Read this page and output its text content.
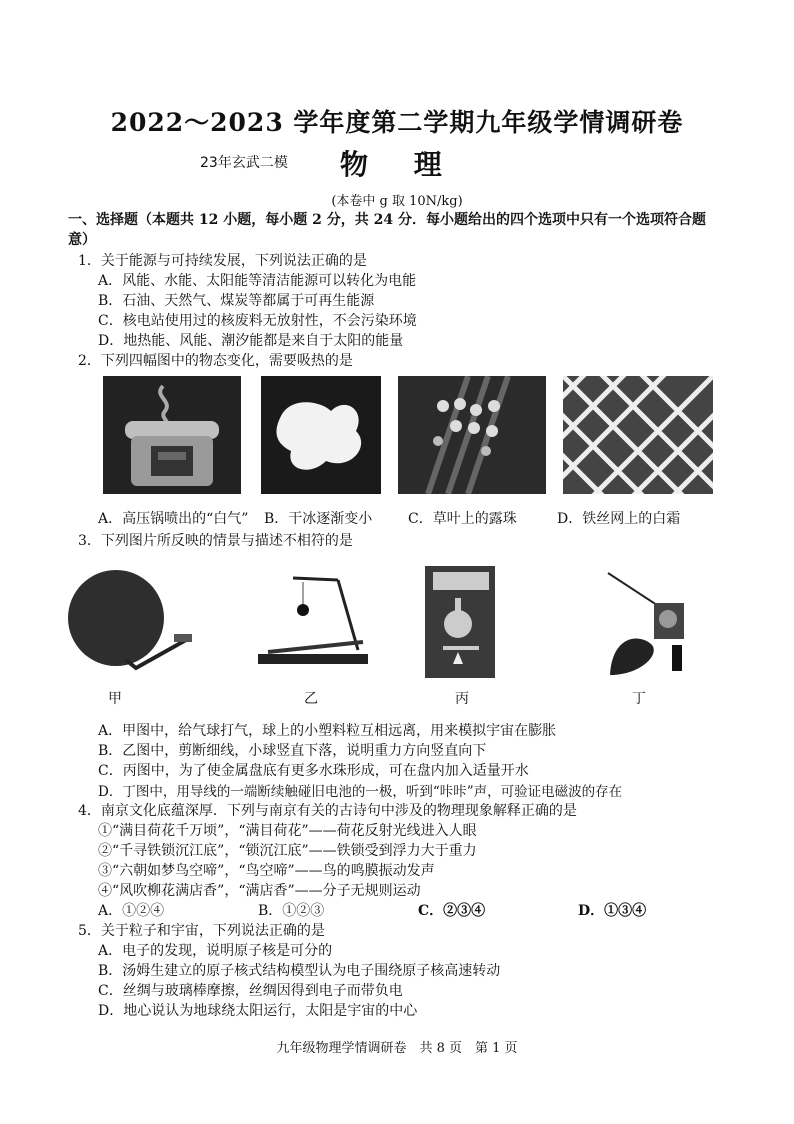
2022～2023 学年度第二学期九年级学情调研卷
23年玄武二模 物 理
(本卷中 g 取 10N/kg)
一、选择题（本题共 12 小题，每小题 2 分，共 24 分．每小题给出的四个选项中只有一个选项符合题意）
1．关于能源与可持续发展，下列说法正确的是
A．风能、水能、太阳能等清洁能源可以转化为电能
B．石油、天然气、煤炭等都属于可再生能源
C．核电站使用过的核废料无放射性，不会污染环境
D．地热能、风能、潮汐能都是来自于太阳的能量
2．下列四幅图中的物态变化，需要吸热的是
A．高压锅喷出的“白气” B．干冰逐渐变小	C．草叶上的露珠	D．铁丝网上的白霜
3．下列图片所反映的情景与描述不相符的是
甲	乙	丙	丁
A．甲图中，给气球打气，球上的小塑料粒互相远离，用来模拟宇宙在膨胀
B．乙图中，剪断细线，小球竖直下落，说明重力方向竖直向下
C．丙图中，为了使金属盘底有更多水珠形成，可在盘内加入适量开水
D．丁图中，用导线的一端断续触碰旧电池的一极，听到“咔咔”声，可验证电磁波的存在
4．南京文化底蕴深厚．下列与南京有关的古诗句中涉及的物理现象解释正确的是
①“满目荷花千万顷”，“满目荷花”——荷花反射光线进入人眼
②“千寻铁锁沉江底”，“锁沉江底”——铁锁受到浮力大于重力
③“六朝如梦鸟空啼”，“鸟空啼”——鸟的鸣膜振动发声
④“风吹柳花满店香”，“满店香”——分子无规则运动
A．①②④	B．①②③	C．②③④	D．①③④
5．关于粒子和宇宙，下列说法正确的是
A．电子的发现，说明原子核是可分的
B．汤姆生建立的原子核式结构模型认为电子围绕原子核高速转动
C．丝绸与玻璃棒摩擦，丝绸因得到电子而带负电
D．地心说认为地球绕太阳运行，太阳是宇宙的中心
九年级物理学情调研卷　共 8 页　第 1 页
